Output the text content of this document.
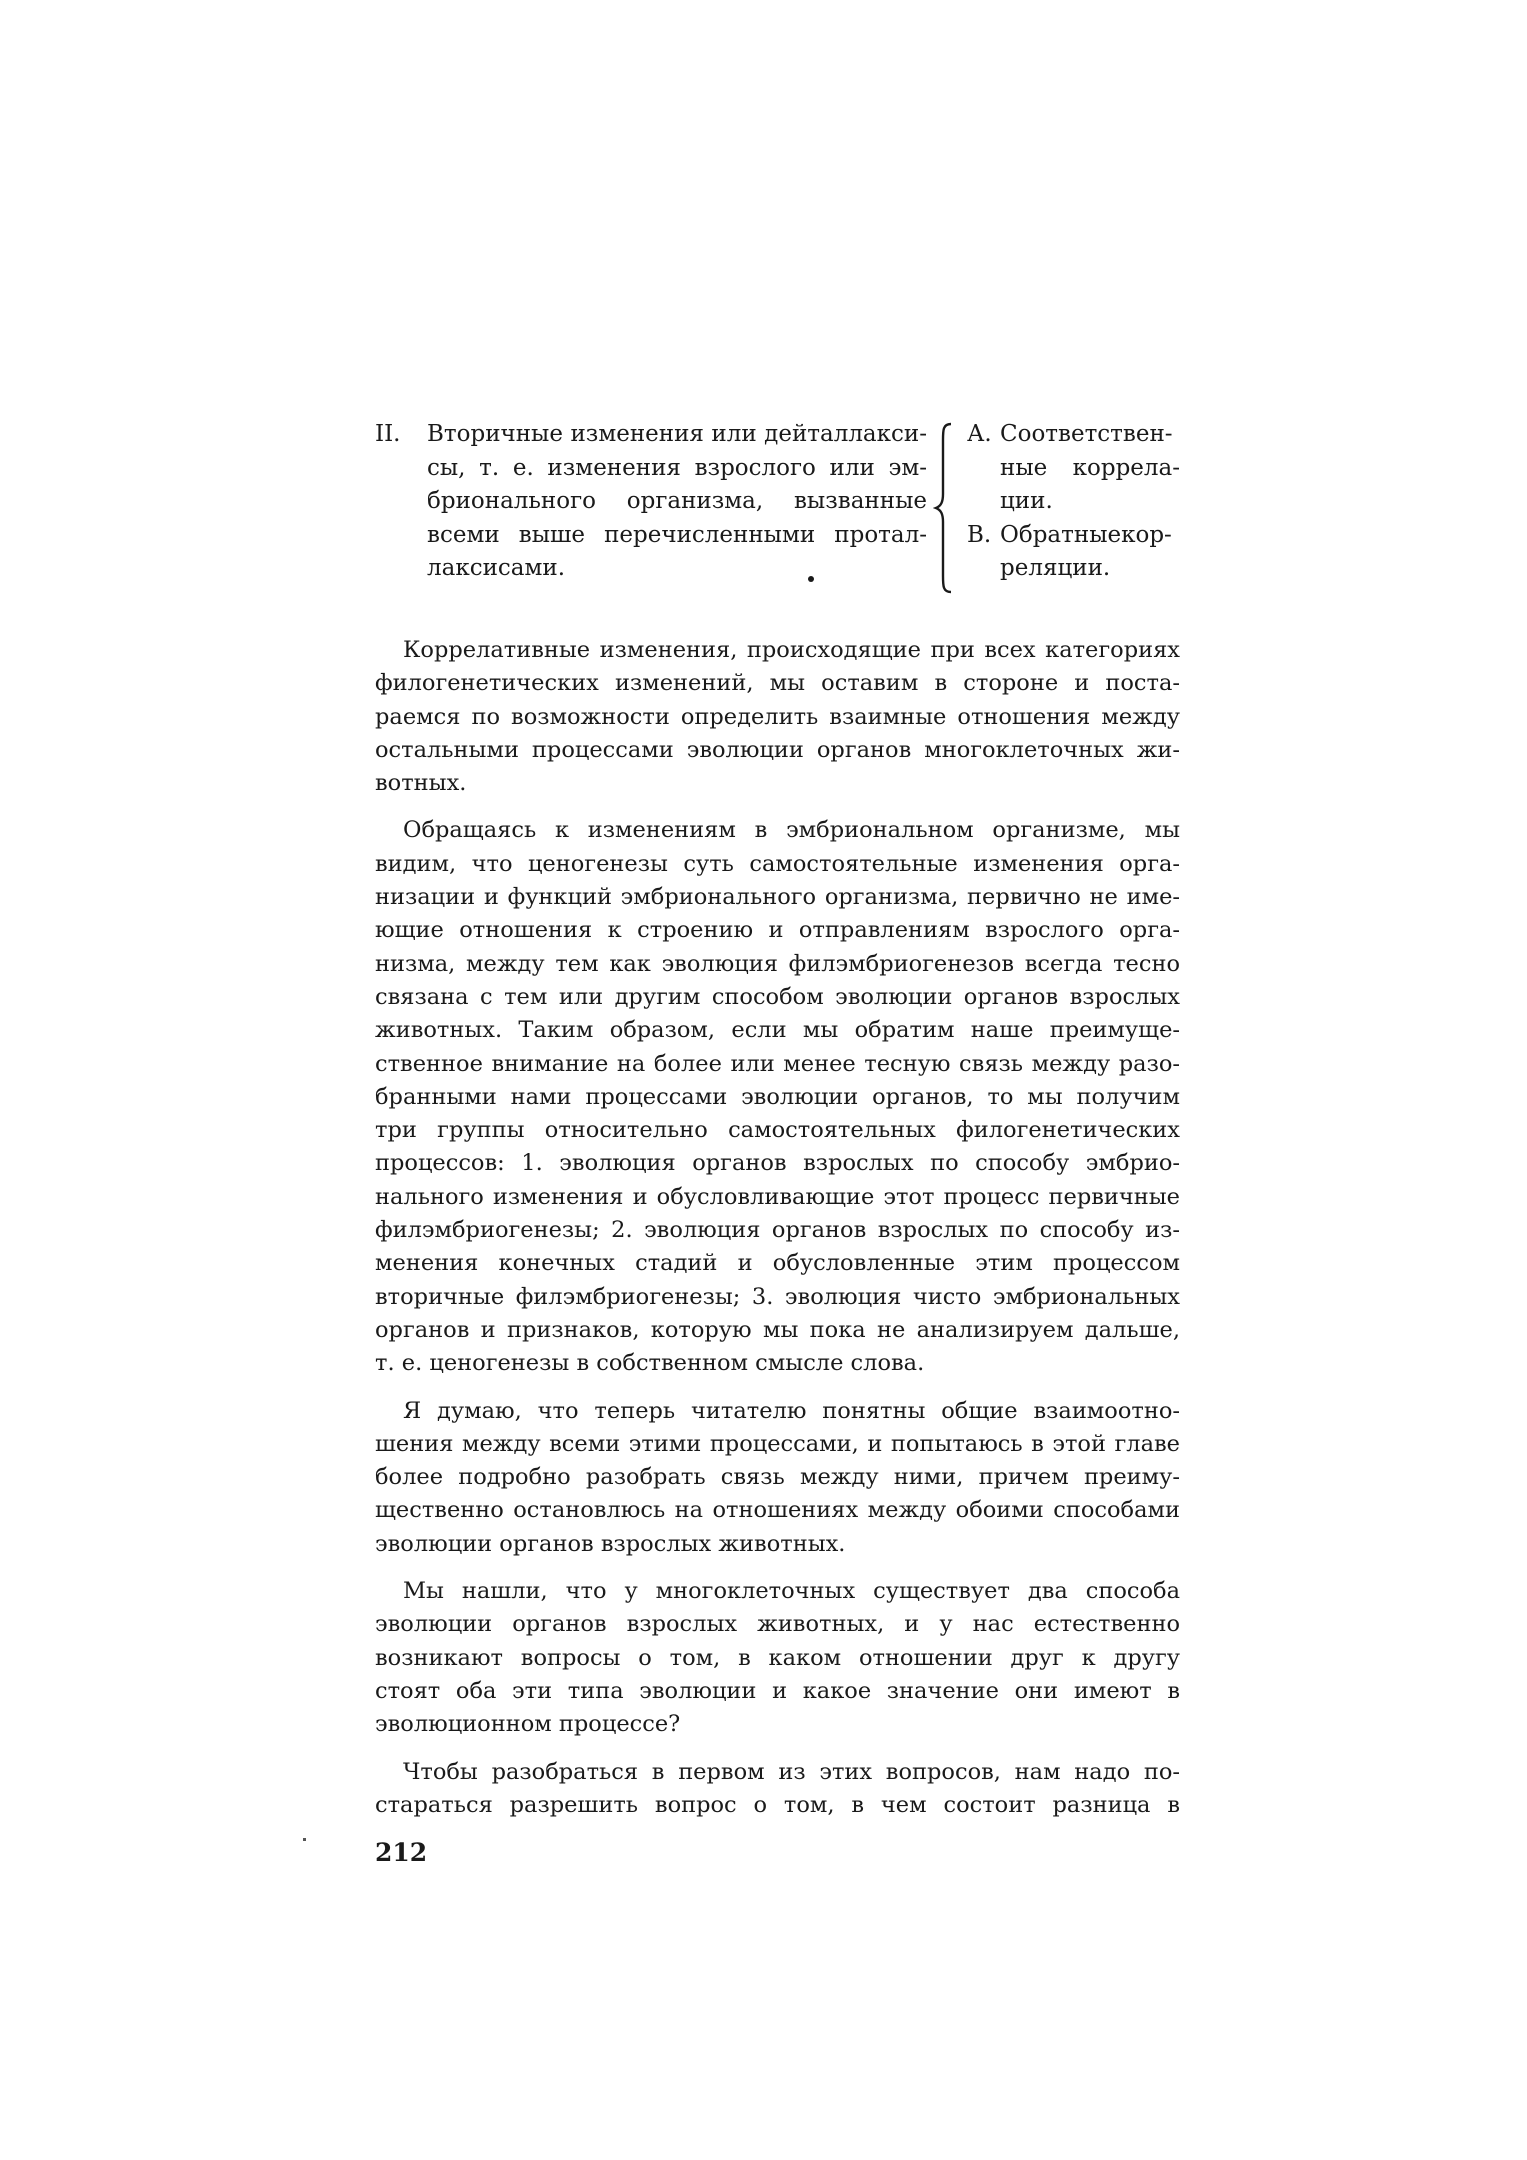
II.	Вторичные изменения или дейталлакси-
сы, т. е. изменения взрослого или эм-
брионального организма, вызванные
всеми выше перечисленными протал-
лаксисами.
А. Соответствен-
ные коррела-
ции.
В. Обратныекор-
реляции.
Коррелативные изменения, происходящие при всех категориях
филогенетических изменений, мы оставим в стороне и поста-
раемся по возможности определить взаимные отношения между
остальными процессами эволюции органов многоклеточных жи-
вотных.
Обращаясь к изменениям в эмбриональном организме, мы
видим, что ценогенезы суть самостоятельные изменения орга-
низации и функций эмбрионального организма, первично не име-
ющие отношения к строению и отправлениям взрослого орга-
низма, между тем как эволюция филэмбриогенезов всегда тесно
связана с тем или другим способом эволюции органов взрослых
животных. Таким образом, если мы обратим наше преимуще-
ственное внимание на более или менее тесную связь между разо-
бранными нами процессами эволюции органов, то мы получим
три группы относительно самостоятельных филогенетических
процессов: 1. эволюция органов взрослых по способу эмбрио-
нального изменения и обусловливающие этот процесс первичные
филэмбриогенезы; 2. эволюция органов взрослых по способу из-
менения конечных стадий и обусловленные этим процессом
вторичные филэмбриогенезы; 3. эволюция чисто эмбриональных
органов и признаков, которую мы пока не анализируем дальше,
т. е. ценогенезы в собственном смысле слова.
Я думаю, что теперь читателю понятны общие взаимоотно-
шения между всеми этими процессами, и попытаюсь в этой главе
более подробно разобрать связь между ними, причем преиму-
щественно остановлюсь на отношениях между обоими способами
эволюции органов взрослых животных.
Мы нашли, что у многоклеточных существует два способа
эволюции органов взрослых животных, и у нас естественно
возникают вопросы о том, в каком отношении друг к другу
стоят оба эти типа эволюции и какое значение они имеют в
эволюционном процессе?
Чтобы разобраться в первом из этих вопросов, нам надо по-
стараться разрешить вопрос о том, в чем состоит разница в
212
